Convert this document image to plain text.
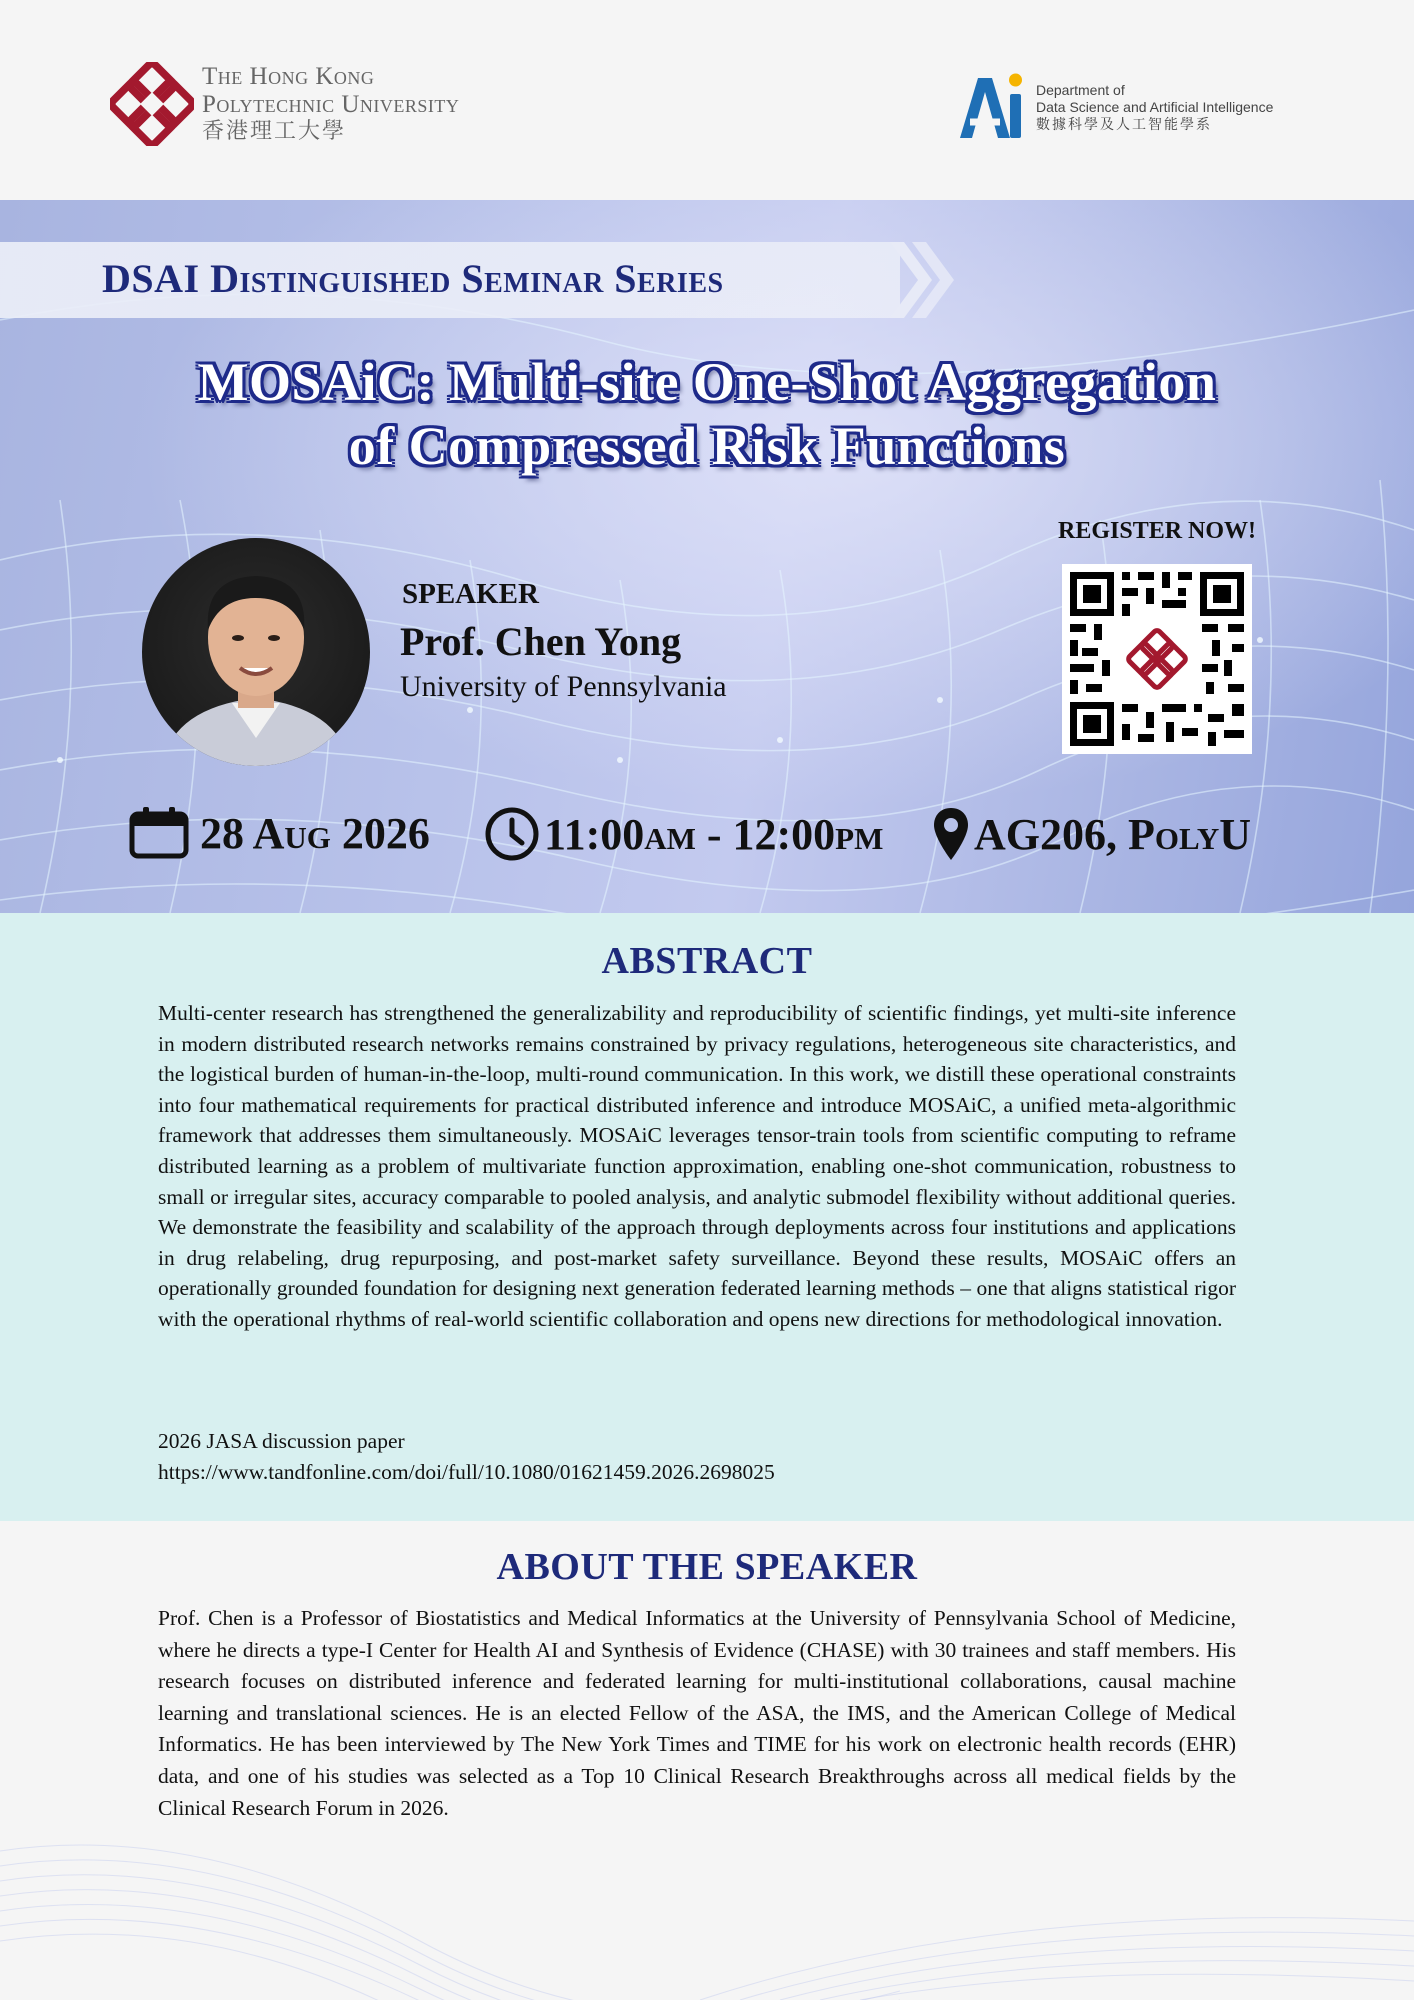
The Hong Kong
Polytechnic University
香港理工大學
Department of
Data Science and Artificial Intelligence
數據科學及人工智能學系
DSAI Distinguished Seminar Series
MOSAiC: Multi-site One-Shot Aggregation
of Compressed Risk Functions
SPEAKER
Prof. Chen Yong
University of Pennsylvania
REGISTER NOW!
28 Aug 2026	11:00am - 12:00pm AG206, PolyU
ABSTRACT
Multi-center research has strengthened the generalizability and reproducibility of scientific findings, yet multi-site inference in modern distributed research networks remains constrained by privacy regulations, heterogeneous site characteristics, and the logistical burden of human-in-the-loop, multi-round communication. In this work, we distill these operational constraints into four mathematical requirements for practical distributed inference and introduce MOSAiC, a unified meta-algorithmic framework that addresses them simultaneously. MOSAiC leverages tensor-train tools from scientific computing to reframe distributed learning as a problem of multivariate function approximation, enabling one-shot communication, robustness to small or irregular sites, accuracy comparable to pooled analysis, and analytic submodel flexibility without additional queries. We demonstrate the feasibility and scalability of the approach through deployments across four institutions and applications in drug relabeling, drug repurposing, and post-market safety surveillance. Beyond these results, MOSAiC offers an operationally grounded foundation for designing next generation federated learning methods – one that aligns statistical rigor with the operational rhythms of real-world scientific collaboration and opens new directions for methodological innovation.
2026 JASA discussion paper
https://www.tandfonline.com/doi/full/10.1080/01621459.2026.2698025
ABOUT THE SPEAKER
Prof. Chen is a Professor of Biostatistics and Medical Informatics at the University of Pennsylvania School of Medicine, where he directs a type-I Center for Health AI and Synthesis of Evidence (CHASE) with 30 trainees and staff members. His research focuses on distributed inference and federated learning for multi-institutional collaborations, causal machine learning and translational sciences. He is an elected Fellow of the ASA, the IMS, and the American College of Medical Informatics. He has been interviewed by The New York Times and TIME for his work on electronic health records (EHR) data, and one of his studies was selected as a Top 10 Clinical Research Breakthroughs across all medical fields by the Clinical Research Forum in 2026.
